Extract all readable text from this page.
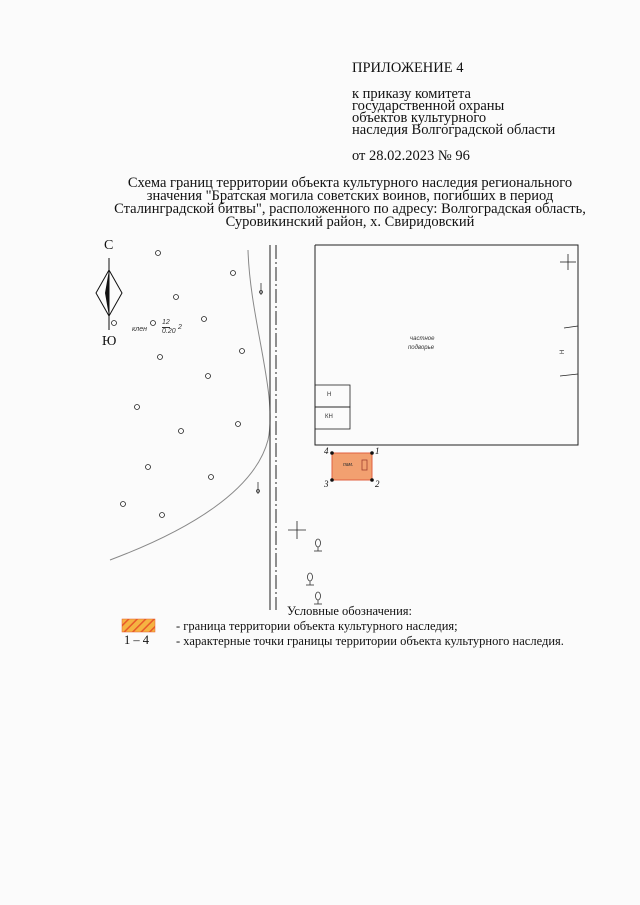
ПРИЛОЖЕНИЕ 4
к приказу комитета
государственной охраны
объектов культурного
наследия Волгоградской области
от 28.02.2023 № 96
Схема границ территории объекта культурного наследия регионального
значения "Братская могила советских воинов, погибших в период
Сталинградской битвы", расположенного по адресу: Волгоградская область,
Суровикинский район, х. Свиридовский
С
Ю
клен
12
0.20
2
частное
подворье
Н
КН
Н
пам.
1
2
3
4
Условные обозначения:
- граница территории объекта культурного наследия;
1 – 4 - характерные точки границы территории объекта культурного наследия.
